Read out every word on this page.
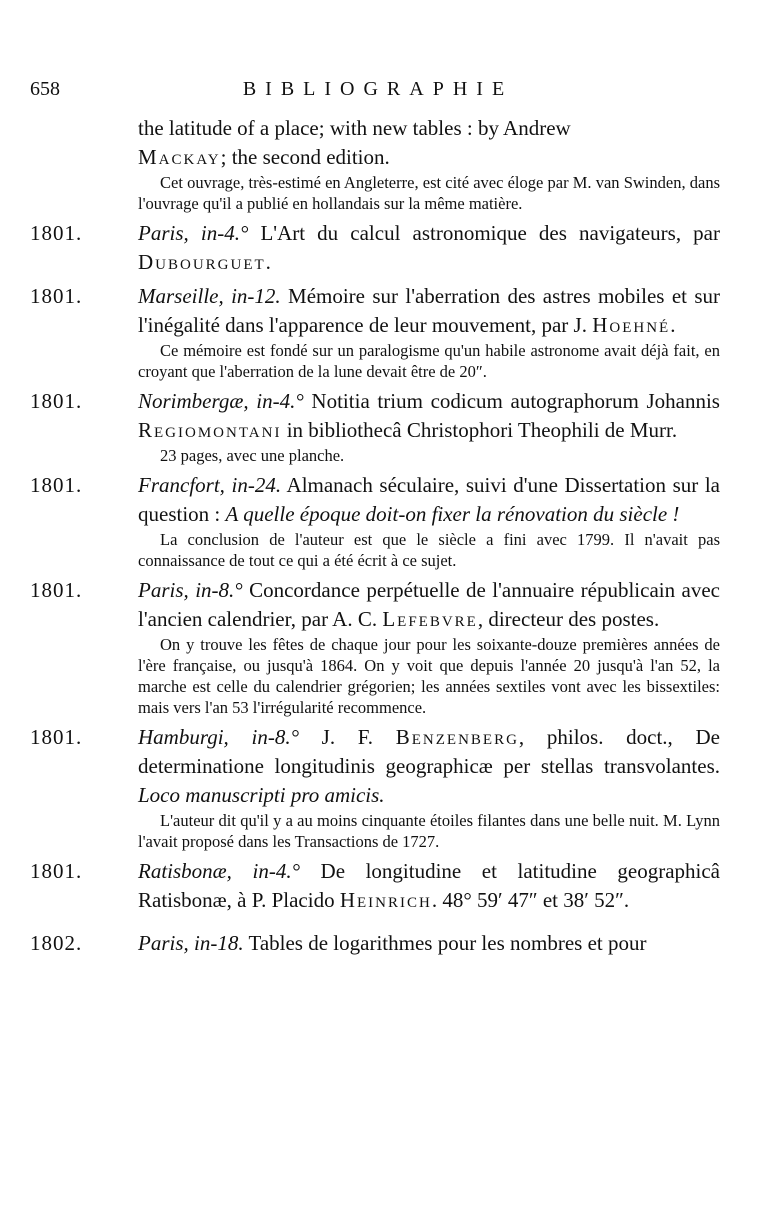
658	BIBLIOGRAPHIE
the latitude of a place; with new tables : by Andrew
Mackay; the second edition.
Cet ouvrage, très-estimé en Angleterre, est cité avec éloge par M. van Swinden, dans l'ouvrage qu'il a publié en hollandais sur la même matière.
1801.	Paris, in-4.° L'Art du calcul astronomique des navigateurs, par Dubourguet.
1801.	Marseille, in-12. Mémoire sur l'aberration des astres mobiles et sur l'inégalité dans l'apparence de leur mouvement, par J. Hoehné.
Ce mémoire est fondé sur un paralogisme qu'un habile astronome avait déjà fait, en croyant que l'aberration de la lune devait être de 20″.
1801.	Norimbergæ, in-4.° Notitia trium codicum autographorum Johannis Regiomontani in bibliothecâ Christophori Theophili de Murr.
23 pages, avec une planche.
1801.	Francfort, in-24. Almanach séculaire, suivi d'une Dissertation sur la question : A quelle époque doit-on fixer la rénovation du siècle !
La conclusion de l'auteur est que le siècle a fini avec 1799. Il n'avait pas connaissance de tout ce qui a été écrit à ce sujet.
1801.	Paris, in-8.° Concordance perpétuelle de l'annuaire républicain avec l'ancien calendrier, par A. C. Lefebvre, directeur des postes.
On y trouve les fêtes de chaque jour pour les soixante-douze premières années de l'ère française, ou jusqu'à 1864. On y voit que depuis l'année 20 jusqu'à l'an 52, la marche est celle du calendrier grégorien; les années sextiles vont avec les bissextiles: mais vers l'an 53 l'irrégularité recommence.
1801.	Hamburgi, in-8.° J. F. Benzenberg, philos. doct., De determinatione longitudinis geographicæ per stellas transvolantes. Loco manuscripti pro amicis.
L'auteur dit qu'il y a au moins cinquante étoiles filantes dans une belle nuit. M. Lynn l'avait proposé dans les Transactions de 1727.
1801.	Ratisbonæ, in-4.° De longitudine et latitudine geographicâ Ratisbonæ, à P. Placido Heinrich. 48° 59′ 47″ et 38′ 52″.
1802.	Paris, in-18. Tables de logarithmes pour les nombres et pour
